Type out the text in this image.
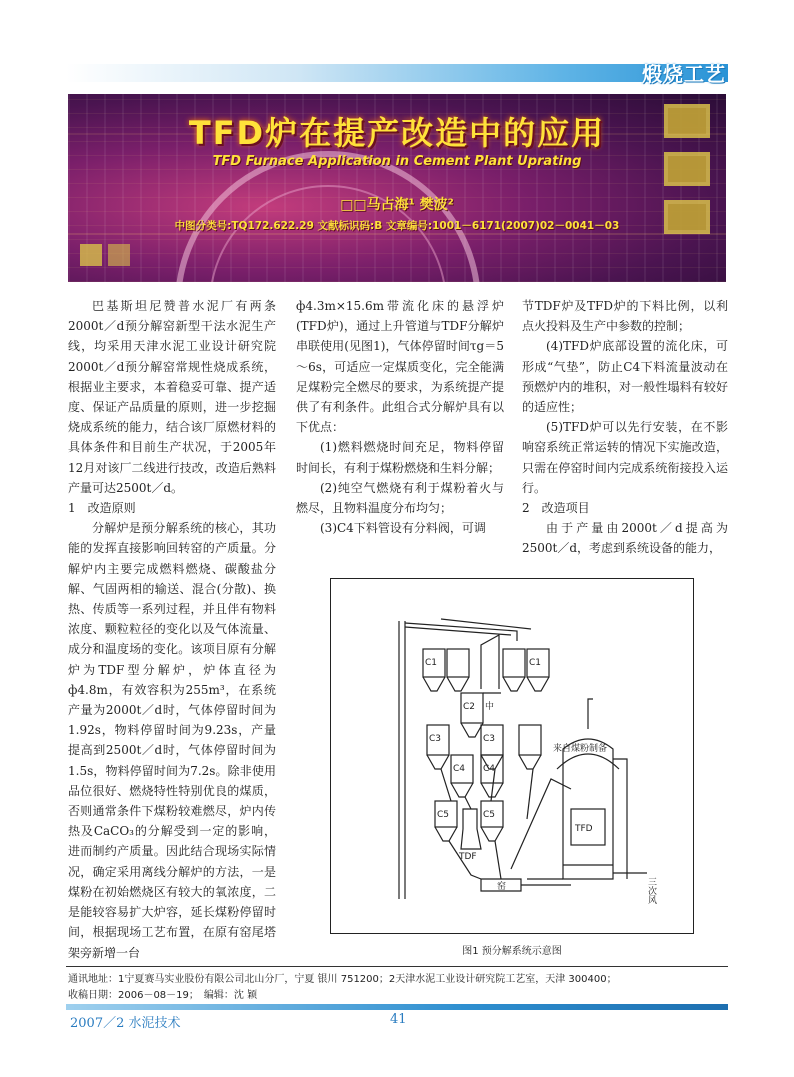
煅烧工艺
TFD炉在提产改造中的应用
TFD Furnace Application in Cement Plant Uprating
□□马占海¹ 樊波²
中图分类号:TQ172.622.29 文献标识码:B 文章编号:1001－6171(2007)02－0041－03

巴基斯坦尼赞普水泥厂有两条2000t／d预分解窑新型干法水泥生产线，均采用天津水泥工业设计研究院2000t／d预分解窑常规性烧成系统，根据业主要求，本着稳妥可靠、提产适度、保证产品质量的原则，进一步挖掘烧成系统的能力，结合该厂原燃材料的具体条件和目前生产状况，于2005年12月对该厂二线进行技改，改造后熟料产量可达2500t／d。

1　改造原则

分解炉是预分解系统的核心，其功能的发挥直接影响回转窑的产质量。分解炉内主要完成燃料燃烧、碳酸盐分解、气固两相的输送、混合(分散)、换热、传质等一系列过程，并且伴有物料浓度、颗粒粒径的变化以及气体流量、成分和温度场的变化。该项目原有分解炉为TDF型分解炉，炉体直径为ф4.8m，有效容积为255m³，在系统产量为2000t／d时，气体停留时间为1.92s，物料停留时间为9.23s，产量提高到2500t／d时，气体停留时间为1.5s，物料停留时间为7.2s。除非使用品位很好、燃烧特性特别优良的煤质，否则通常条件下煤粉较难燃尽，炉内传热及CaCO₃的分解受到一定的影响，进而制约产质量。因此结合现场实际情况，确定采用离线分解炉的方法，一是煤粉在初始燃烧区有较大的氧浓度，二是能较容易扩大炉容，延长煤粉停留时间，根据现场工艺布置，在原有窑尾塔架旁新增一台

ф4.3m×15.6m带流化床的悬浮炉(TFD炉)，通过上升管道与TDF分解炉串联使用(见图1)，气体停留时间τg＝5～6s，可适应一定煤质变化，完全能满足煤粉完全燃尽的要求，为系统提产提供了有利条件。此组合式分解炉具有以下优点：

(1)燃料燃烧时间充足，物料停留时间长，有利于煤粉燃烧和生料分解；

(2)纯空气燃烧有利于煤粉着火与燃尽，且物料温度分布均匀；

(3)C4下料管设有分料阀，可调

节TDF炉及TFD炉的下料比例，以利点火投料及生产中参数的控制；

(4)TFD炉底部设置的流化床，可形成“气垫”，防止C4下料流量波动在预燃炉内的堆积，对一般性塌料有较好的适应性；

(5)TFD炉可以先行安装，在不影响窑系统正常运转的情况下实施改造，只需在停窑时间内完成系统衔接投入运行。

2　改造项目

由于产量由2000t／d提高为2500t／d，考虑到系统设备的能力，

C1	C1
C2 中
C3	C3
C4 C4
C5	C5
TDF
TFD
窑
来自煤粉制备
三次风
图1 预分解系统示意图
通讯地址：1宁夏赛马实业股份有限公司北山分厂，宁夏 银川 751200；2天津水泥工业设计研究院工艺室，天津 300400；
收稿日期：2006－08－19；　编辑：沈 颖
2007／2 水泥技术	41
